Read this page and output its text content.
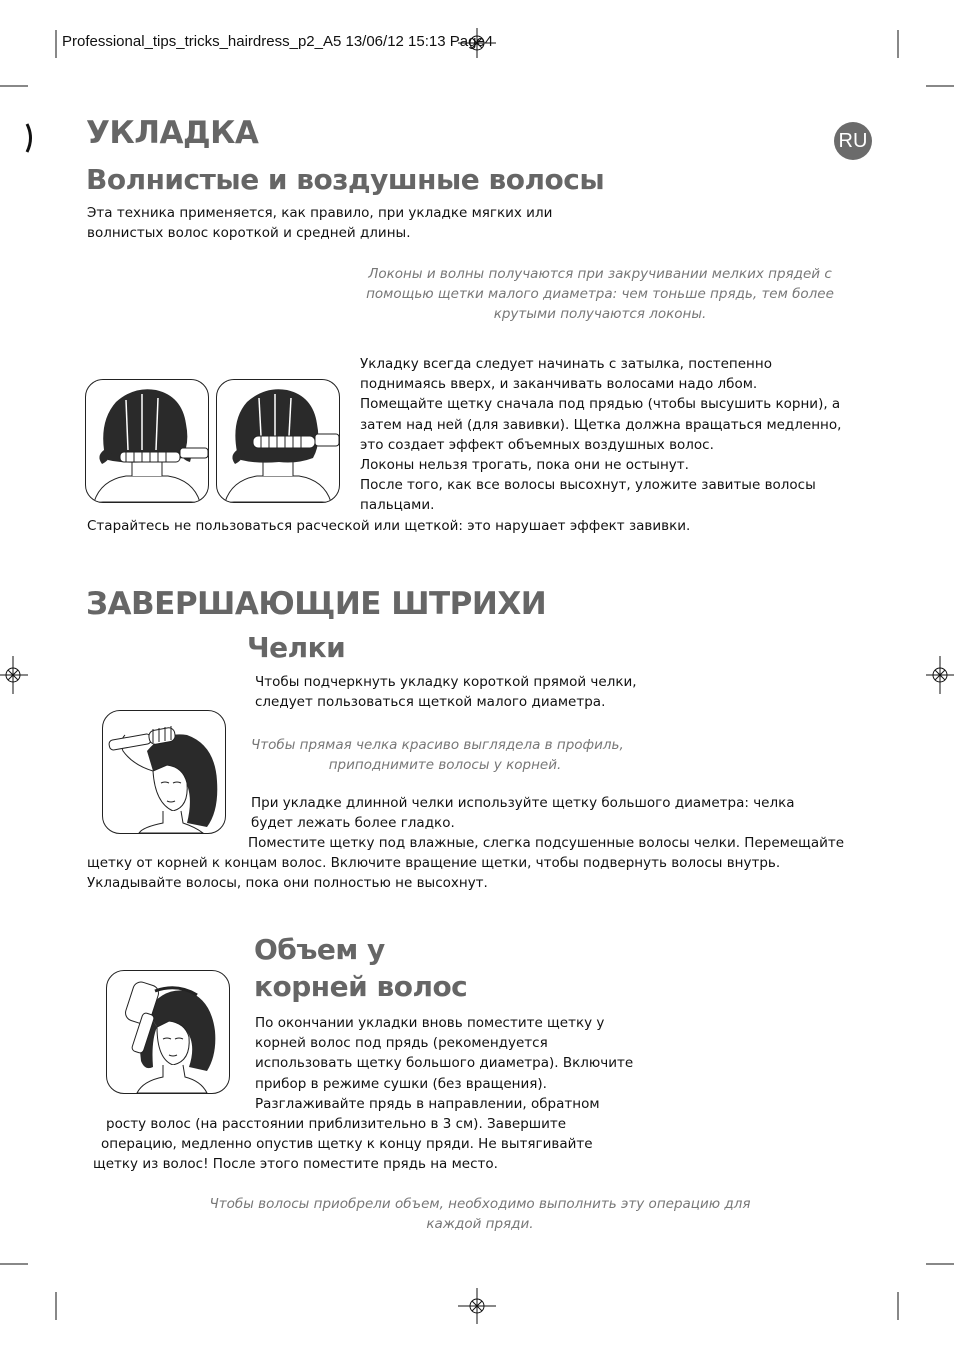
Professional_tips_tricks_hairdress_p2_A5 13/06/12 15:13 Page4
RU
УКЛАДКА
Волнистые и воздушные волосы
Эта техника применяется, как правило, при укладке мягких или
волнистых волос короткой и средней длины.
Локоны и волны получаются при закручивании мелких прядей с
помощью щетки малого диаметра: чем тоньше прядь, тем более
крутыми получаются локоны.
Укладку всегда следует начинать с затылка, постепенно
поднимаясь вверх, и заканчивать волосами надо лбом.
Помещайте щетку сначала под прядью (чтобы высушить корни), а
затем над ней (для завивки). Щетка должна вращаться медленно,
это создает эффект объемных воздушных волос.
Локоны нельзя трогать, пока они не остынут.
После того, как все волосы высохнут, уложите завитые волосы
пальцами.
Старайтесь не пользоваться расческой или щеткой: это нарушает эффект завивки.
ЗАВЕРШАЮЩИЕ ШТРИХИ
Челки
Чтобы подчеркнуть укладку короткой прямой челки,
следует пользоваться щеткой малого диаметра.
Чтобы прямая челка красиво выглядела в профиль,
приподнимите волосы у корней.
При укладке длинной челки используйте щетку большого диаметра: челка
будет лежать более гладко.
Поместите щетку под влажные, слегка подсушенные волосы челки. Перемещайте
щетку от корней к концам волос. Включите вращение щетки, чтобы подвернуть волосы внутрь.
Укладывайте волосы, пока они полностью не высохнут.
Объем у
корней волос
По окончании укладки вновь поместите щетку у
корней волос под прядь (рекомендуется
использовать щетку большого диаметра). Включите
прибор в режиме сушки (без вращения).
Разглаживайте прядь в направлении, обратном
росту волос (на расстоянии приблизительно в 3 см). Завершите
операцию, медленно опустив щетку к концу пряди. Не вытягивайте
щетку из волос! После этого поместите прядь на место.
Чтобы волосы приобрели объем, необходимо выполнить эту операцию для
каждой пряди.
